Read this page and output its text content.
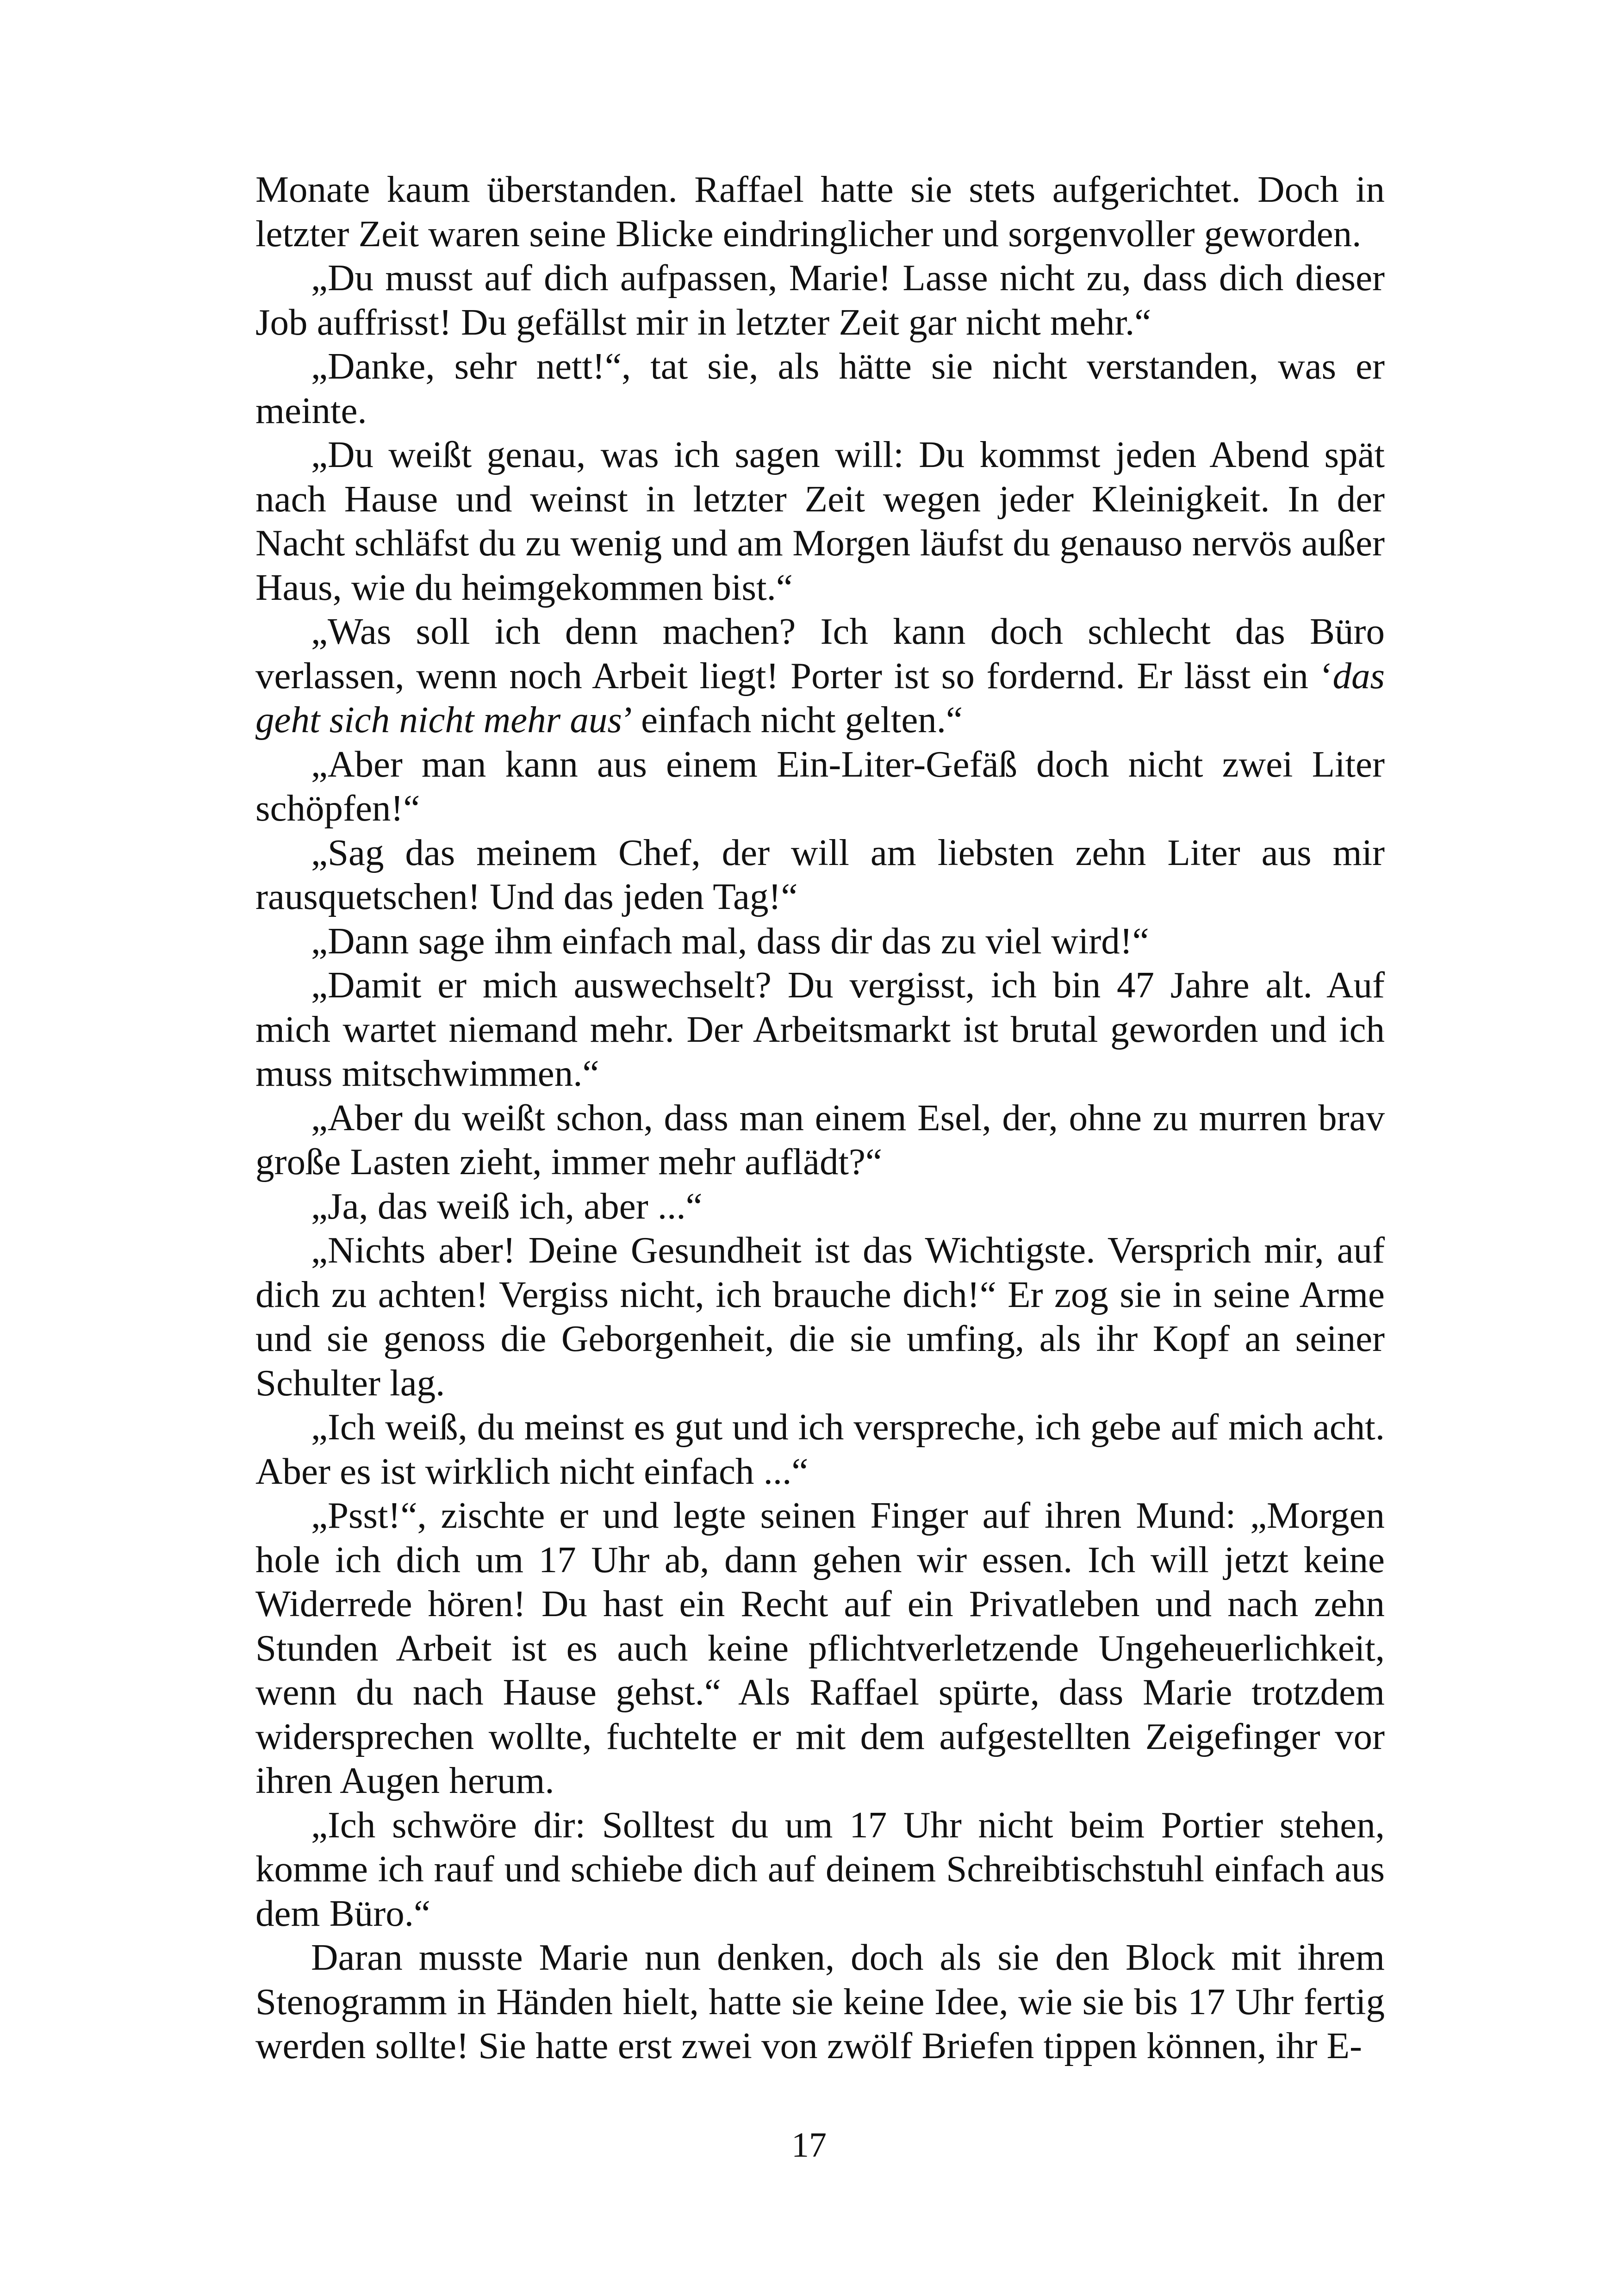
Monate kaum überstanden. Raffael hatte sie stets aufgerichtet. Doch in letzter Zeit waren seine Blicke eindringlicher und sorgenvoller geworden.

„Du musst auf dich aufpassen, Marie! Lasse nicht zu, dass dich dieser Job auffrisst! Du gefällst mir in letzter Zeit gar nicht mehr.“

„Danke, sehr nett!“, tat sie, als hätte sie nicht verstanden, was er meinte.

„Du weißt genau, was ich sagen will: Du kommst jeden Abend spät nach Hause und weinst in letzter Zeit wegen jeder Kleinigkeit. In der Nacht schläfst du zu wenig und am Morgen läufst du genauso nervös außer Haus, wie du heimgekommen bist.“

„Was soll ich denn machen? Ich kann doch schlecht das Büro verlassen, wenn noch Arbeit liegt! Porter ist so fordernd. Er lässt ein ‘das geht sich nicht mehr aus’ einfach nicht gelten.“

„Aber man kann aus einem Ein-Liter-Gefäß doch nicht zwei Liter schöpfen!“

„Sag das meinem Chef, der will am liebsten zehn Liter aus mir rausquetschen! Und das jeden Tag!“

„Dann sage ihm einfach mal, dass dir das zu viel wird!“

„Damit er mich auswechselt? Du vergisst, ich bin 47 Jahre alt. Auf mich wartet niemand mehr. Der Arbeitsmarkt ist brutal geworden und ich muss mitschwimmen.“

„Aber du weißt schon, dass man einem Esel, der, ohne zu murren brav große Lasten zieht, immer mehr auflädt?“

„Ja, das weiß ich, aber ...“

„Nichts aber! Deine Gesundheit ist das Wichtigste. Versprich mir, auf dich zu achten! Vergiss nicht, ich brauche dich!“ Er zog sie in seine Arme und sie genoss die Geborgenheit, die sie umfing, als ihr Kopf an seiner Schulter lag.

„Ich weiß, du meinst es gut und ich verspreche, ich gebe auf mich acht. Aber es ist wirklich nicht einfach ...“

„Psst!“, zischte er und legte seinen Finger auf ihren Mund: „Morgen hole ich dich um 17 Uhr ab, dann gehen wir essen. Ich will jetzt keine Widerrede hören! Du hast ein Recht auf ein Privatleben und nach zehn Stunden Arbeit ist es auch keine pflichtverletzende Ungeheuerlichkeit, wenn du nach Hause gehst.“ Als Raffael spürte, dass Marie trotzdem widersprechen wollte, fuchtelte er mit dem aufgestellten Zeigefinger vor ihren Augen herum.

„Ich schwöre dir: Solltest du um 17 Uhr nicht beim Portier stehen, komme ich rauf und schiebe dich auf deinem Schreibtischstuhl einfach aus dem Büro.“

Daran musste Marie nun denken, doch als sie den Block mit ihrem Stenogramm in Händen hielt, hatte sie keine Idee, wie sie bis 17 Uhr fertig werden sollte! Sie hatte erst zwei von zwölf Briefen tippen können, ihr E-

17
